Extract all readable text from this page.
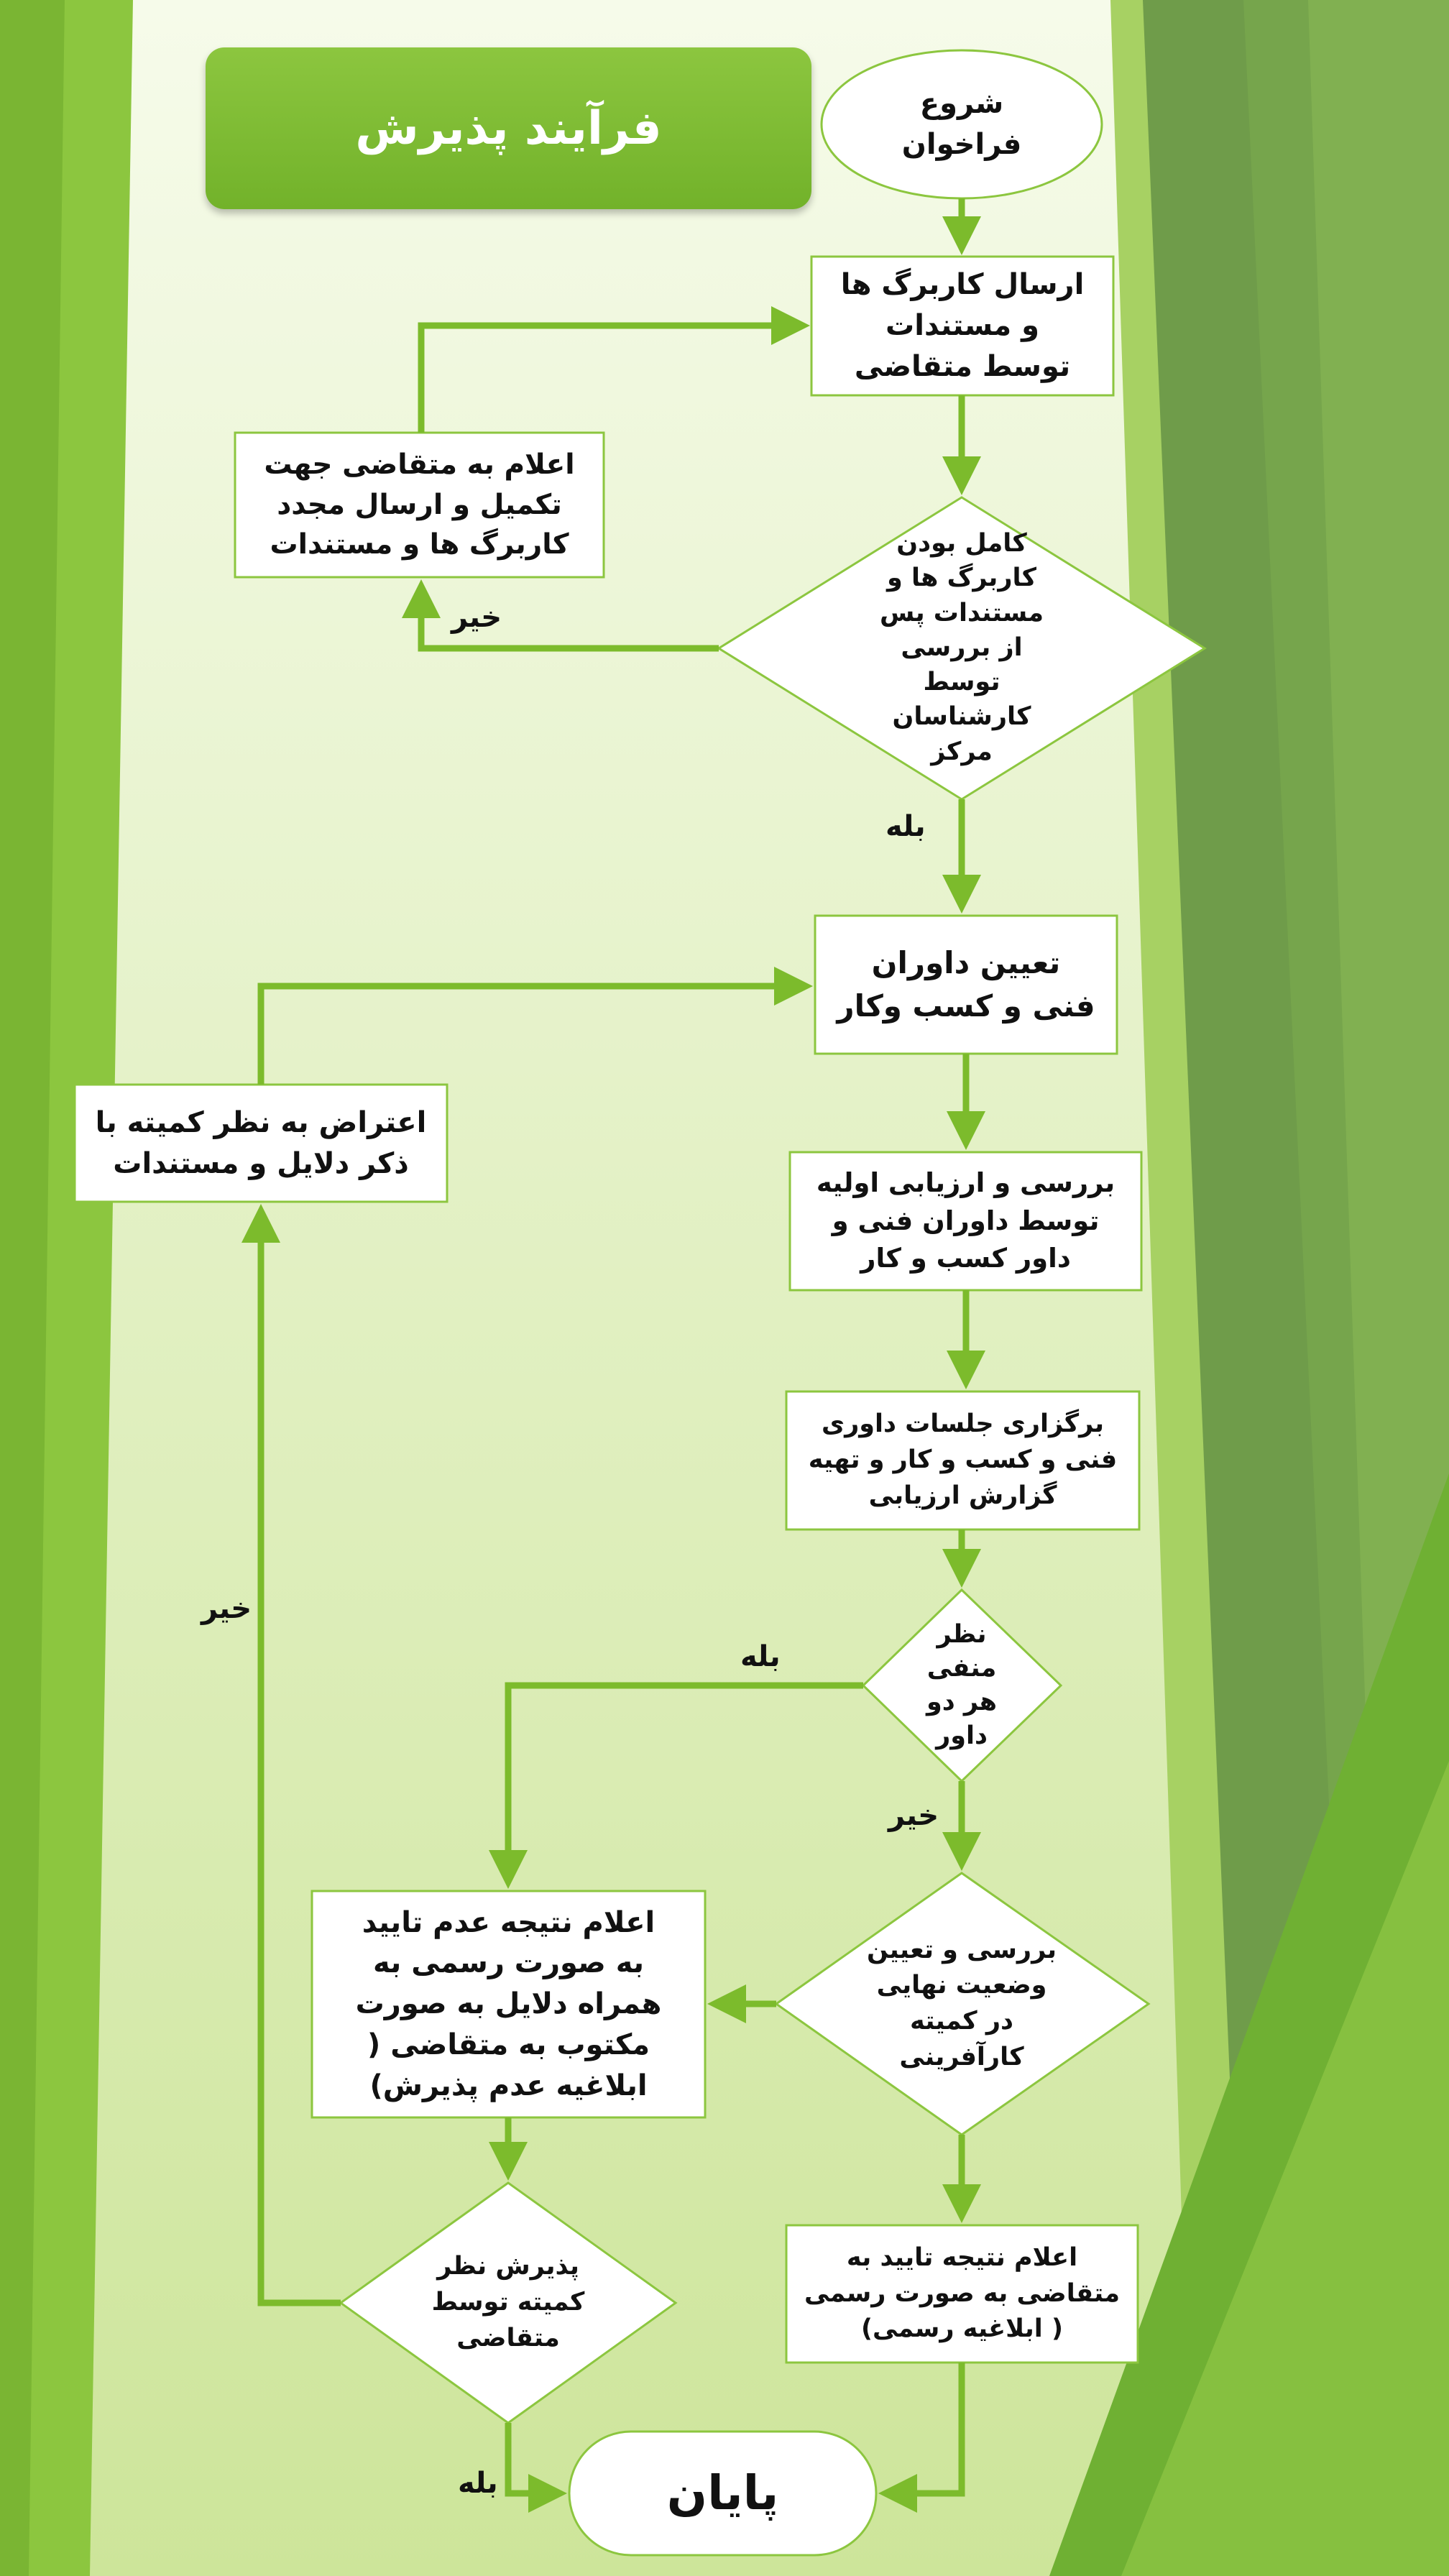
فرآیند پذیرش	شروع
فراخوان
ارسال کاربرگ ها
و مستندات
توسط متقاضی
اعلام به متقاضی جهت
تکمیل و ارسال مجدد
کاربرگ ها و مستندات	کامل بودن
کاربرگ ها و
مستندات پس
از بررسی
توسط
کارشناسان
مرکز
تعیین داوران
فنی و کسب وکار
اعتراض به نظر کمیته با
ذکر دلایل و مستندات
بررسی و ارزیابی اولیه
توسط داوران فنی و
داور کسب و کار
برگزاری جلسات داوری
فنی و کسب و کار و تهیه
گزارش ارزیابی
نظر
منفی
هر دو
داور
بررسی و تعیین
وضعیت نهایی
در کمیته
کارآفرینی
اعلام نتیجه عدم تایید
به صورت رسمی به
همراه دلایل به صورت
مکتوب به متقاضی (
ابلاغیه عدم پذیرش)
پذیرش نظر
کمیته توسط
متقاضی
اعلام نتیجه تایید به
متقاضی به صورت رسمی
( ابلاغیه رسمی)
پایان
خیر
بله
خیر
بله
خیر
بله
